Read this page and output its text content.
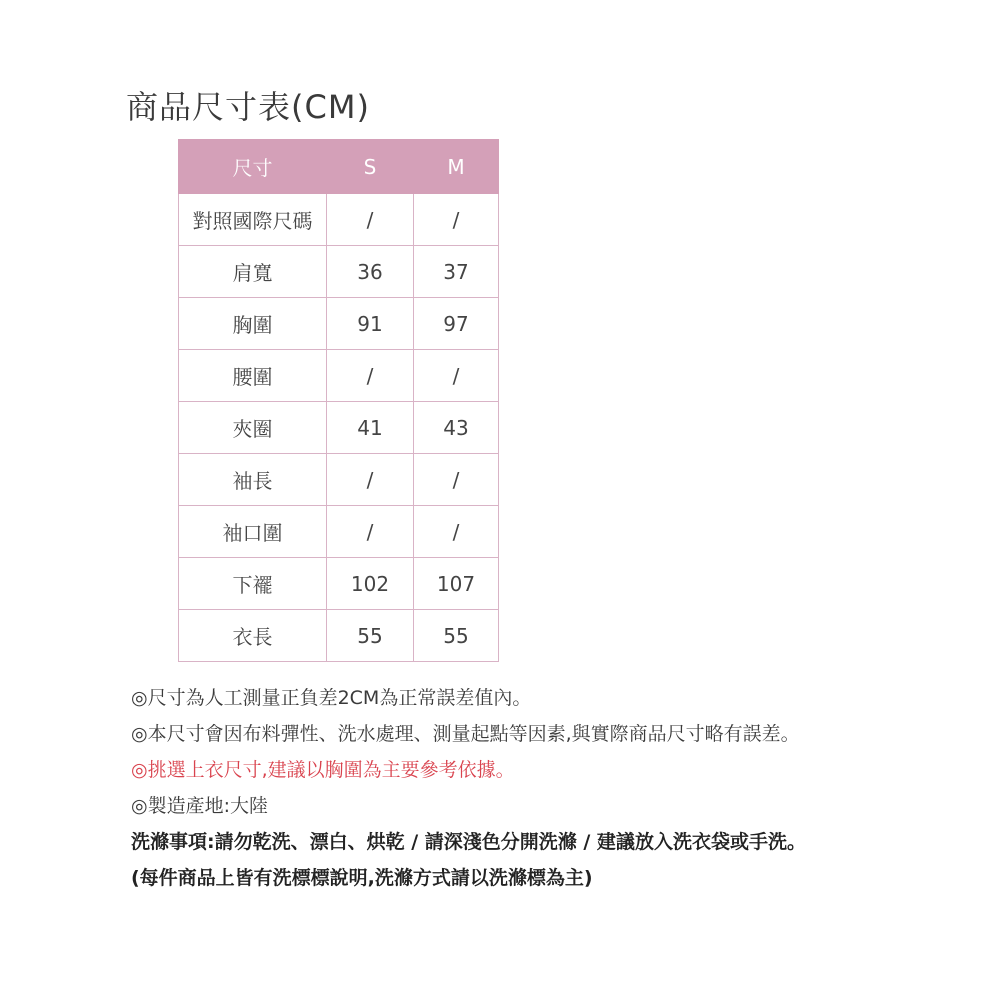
商品尺寸表(CM)
尺寸	S	M
對照國際尺碼	/	/
肩寬	36	37
胸圍	91	97
腰圍	/	/
夾圈	41	43
袖長	/	/
袖口圍	/	/
下襬	102	107
衣長	55	55
◎尺寸為人工測量正負差2CM為正常誤差值內。
◎本尺寸會因布料彈性、洗水處理、測量起點等因素,與實際商品尺寸略有誤差。
◎挑選上衣尺寸,建議以胸圍為主要參考依據。
◎製造產地:大陸
洗滌事項:請勿乾洗、漂白、烘乾 / 請深淺色分開洗滌 / 建議放入洗衣袋或手洗。
(每件商品上皆有洗標標說明,洗滌方式請以洗滌標為主)
